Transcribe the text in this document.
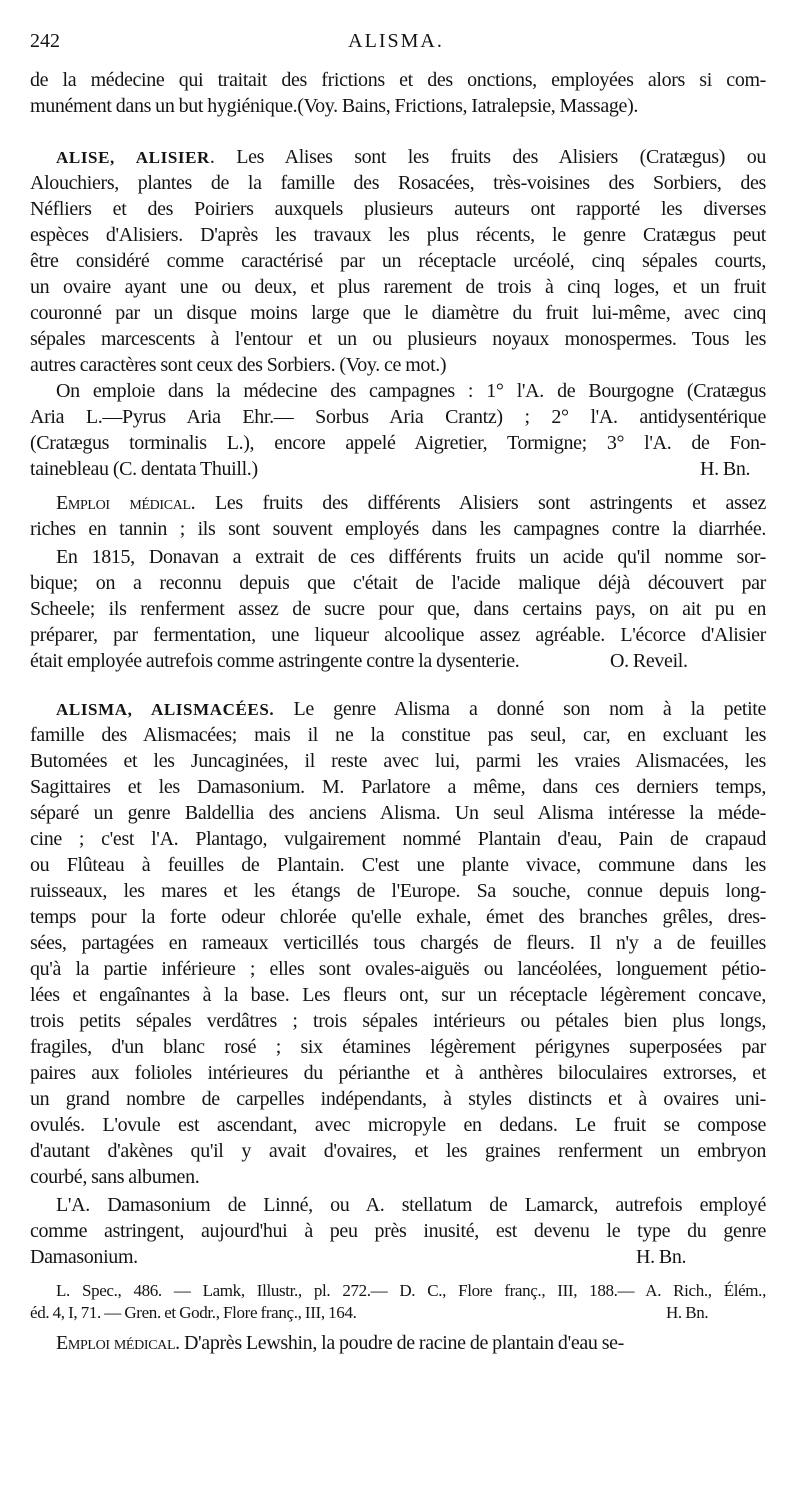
242	ALISMA.
de la médecine qui traitait des frictions et des onctions, employées alors si com-
munément dans un but hygiénique.(Voy. Bains, Frictions, Iatralepsie, Massage).
ALISE, ALISIER. Les Alises sont les fruits des Alisiers (Cratægus) ou
Alouchiers, plantes de la famille des Rosacées, très-voisines des Sorbiers, des
Néfliers et des Poiriers auxquels plusieurs auteurs ont rapporté les diverses
espèces d'Alisiers. D'après les travaux les plus récents, le genre Cratægus peut
être considéré comme caractérisé par un réceptacle urcéolé, cinq sépales courts,
un ovaire ayant une ou deux, et plus rarement de trois à cinq loges, et un fruit
couronné par un disque moins large que le diamètre du fruit lui-même, avec cinq
sépales marcescents à l'entour et un ou plusieurs noyaux monospermes. Tous les
autres caractères sont ceux des Sorbiers. (Voy. ce mot.)
On emploie dans la médecine des campagnes : 1° l'A. de Bourgogne (Cratægus
Aria L.—Pyrus Aria Ehr.— Sorbus Aria Crantz) ; 2° l'A. antidysentérique
(Cratægus torminalis L.), encore appelé Aigretier, Tormigne; 3° l'A. de Fon-
tainebleau (C. dentata Thuill.)	H. Bn.
Emploi médical. Les fruits des différents Alisiers sont astringents et assez
riches en tannin ; ils sont souvent employés dans les campagnes contre la diarrhée.
En 1815, Donavan a extrait de ces différents fruits un acide qu'il nomme sor-
bique; on a reconnu depuis que c'était de l'acide malique déjà découvert par
Scheele; ils renferment assez de sucre pour que, dans certains pays, on ait pu en
préparer, par fermentation, une liqueur alcoolique assez agréable. L'écorce d'Alisier
était employée autrefois comme astringente contre la dysenterie.	O. Reveil.
ALISMA, ALISMACÉES. Le genre Alisma a donné son nom à la petite
famille des Alismacées; mais il ne la constitue pas seul, car, en excluant les
Butomées et les Juncaginées, il reste avec lui, parmi les vraies Alismacées, les
Sagittaires et les Damasonium. M. Parlatore a même, dans ces derniers temps,
séparé un genre Baldellia des anciens Alisma. Un seul Alisma intéresse la méde-
cine ; c'est l'A. Plantago, vulgairement nommé Plantain d'eau, Pain de crapaud
ou Flûteau à feuilles de Plantain. C'est une plante vivace, commune dans les
ruisseaux, les mares et les étangs de l'Europe. Sa souche, connue depuis long-
temps pour la forte odeur chlorée qu'elle exhale, émet des branches grêles, dres-
sées, partagées en rameaux verticillés tous chargés de fleurs. Il n'y a de feuilles
qu'à la partie inférieure ; elles sont ovales-aiguës ou lancéolées, longuement pétio-
lées et engaînantes à la base. Les fleurs ont, sur un réceptacle légèrement concave,
trois petits sépales verdâtres ; trois sépales intérieurs ou pétales bien plus longs,
fragiles, d'un blanc rosé ; six étamines légèrement périgynes superposées par
paires aux folioles intérieures du périanthe et à anthères biloculaires extrorses, et
un grand nombre de carpelles indépendants, à styles distincts et à ovaires uni-
ovulés. L'ovule est ascendant, avec micropyle en dedans. Le fruit se compose
d'autant d'akènes qu'il y avait d'ovaires, et les graines renferment un embryon
courbé, sans albumen.
L'A. Damasonium de Linné, ou A. stellatum de Lamarck, autrefois employé
comme astringent, aujourd'hui à peu près inusité, est devenu le type du genre
Damasonium.	H. Bn.
L. Spec., 486. — Lamk, Illustr., pl. 272.— D. C., Flore franç., III, 188.— A. Rich., Élém.,
éd. 4, I, 71. — Gren. et Godr., Flore franç., III, 164.	H. Bn.
Emploi médical. D'après Lewshin, la poudre de racine de plantain d'eau se-
